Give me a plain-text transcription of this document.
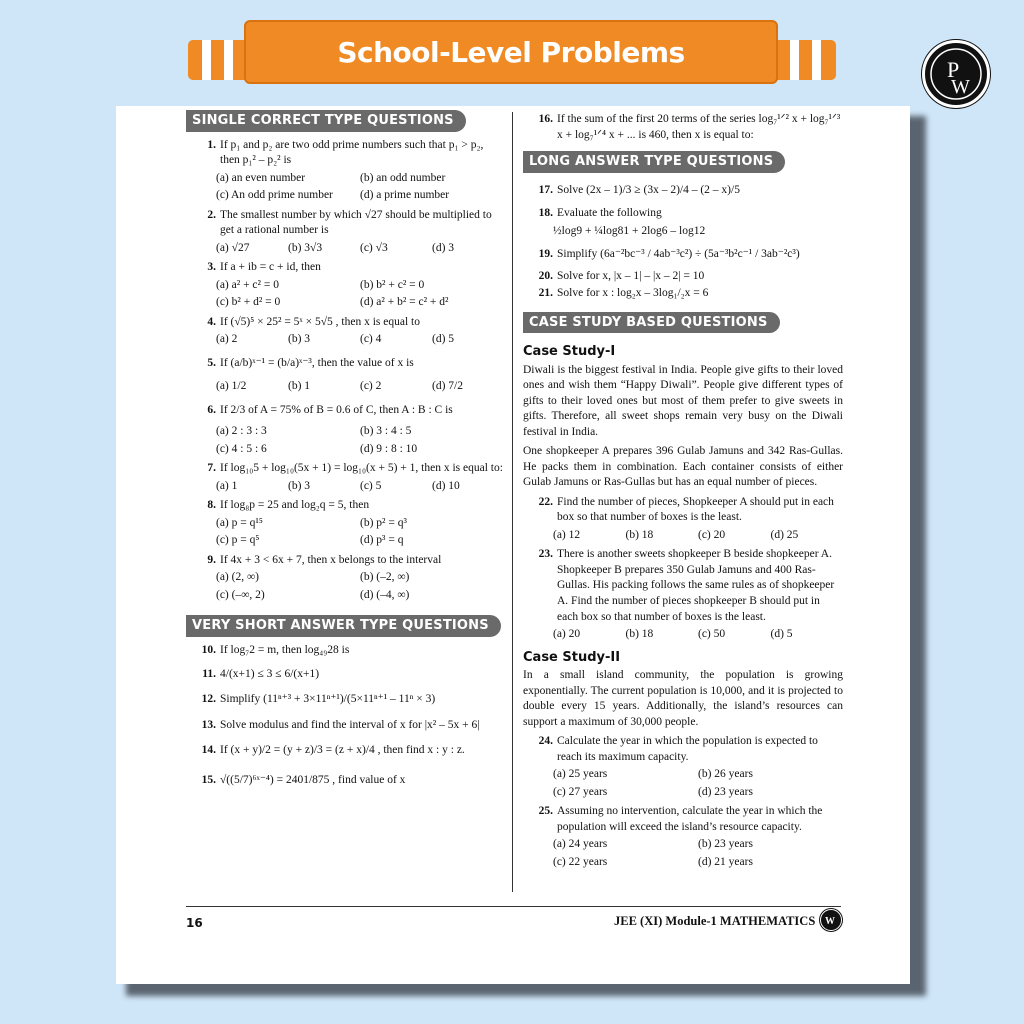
School-Level Problems
P
W
SINGLE CORRECT TYPE QUESTIONS
1. If p₁ and p₂ are two odd prime numbers such that p₁ > p₂, then p₁² – p₂² is
(a) an even number	(b) an odd number
(c) An odd prime number	(d) a prime number
2. The smallest number by which √27 should be multiplied to get a rational number is
(a) √27	(b) 3√3	(c) √3	(d) 3
3. If a + ib = c + id, then
(a) a² + c² = 0	(b) b² + c² = 0
(c) b² + d² = 0	(d) a² + b² = c² + d²
4. If (√5)⁵ × 25² = 5ˣ × 5√5 , then x is equal to
(a) 2	(b) 3	(c) 4	(d) 5
5. If (a/b)ˣ⁻¹ = (b/a)ˣ⁻³, then the value of x is
(a) 1/2	(b) 1	(c) 2	(d) 7/2
6. If 2/3 of A = 75% of B = 0.6 of C, then A : B : C is
(a) 2 : 3 : 3	(b) 3 : 4 : 5
(c) 4 : 5 : 6	(d) 9 : 8 : 10
7. If log₁₀5 + log₁₀(5x + 1) = log₁₀(x + 5) + 1, then x is equal to:
(a) 1	(b) 3	(c) 5	(d) 10
8. If log₈p = 25 and log₂q = 5, then
(a) p = q¹⁵	(b) p² = q³
(c) p = q⁵	(d) p³ = q
9. If 4x + 3 < 6x + 7, then x belongs to the interval
(a) (2, ∞)	(b) (–2, ∞)
(c) (–∞, 2)	(d) (–4, ∞)
VERY SHORT ANSWER TYPE QUESTIONS
10. If log₇2 = m, then log₄₉28 is
11. 4/(x+1) ≤ 3 ≤ 6/(x+1)
12. Simplify (11ⁿ⁺³ + 3×11ⁿ⁺¹)/(5×11ⁿ⁺¹ – 11ⁿ × 3)
13. Solve modulus and find the interval of x for |x² – 5x + 6|
14. If (x + y)/2 = (y + z)/3 = (z + x)/4 , then find x : y : z.
15. √((5/7)⁶ˣ⁻⁴) = 2401/875 , find value of x
16. If the sum of the first 20 terms of the series log₇¹ᐟ² x + log₇¹ᐟ³ x + log₇¹ᐟ⁴ x + ... is 460, then x is equal to:
LONG ANSWER TYPE QUESTIONS
17. Solve (2x – 1)/3 ≥ (3x – 2)/4 – (2 – x)/5
18. Evaluate the following
½log9 + ¼log81 + 2log6 – log12
19. Simplify (6a⁻²bc⁻³ / 4ab⁻³c²) ÷ (5a⁻³b²c⁻¹ / 3ab⁻²c³)
20. Solve for x, |x – 1| – |x – 2| = 10
21. Solve for x : log₂x – 3log₁/₂x = 6
CASE STUDY BASED QUESTIONS
Case Study-I

Diwali is the biggest festival in India. People give gifts to their loved ones and wish them “Happy Diwali”. People give different types of gifts to their loved ones but most of them prefer to give sweets in gifts. Therefore, all sweet shops remain very busy on the Diwali festival in India.

One shopkeeper A prepares 396 Gulab Jamuns and 342 Ras-Gullas. He packs them in combination. Each container consists of either Gulab Jamuns or Ras-Gullas but has an equal number of pieces.

22. Find the number of pieces, Shopkeeper A should put in each box so that number of boxes is the least.
(a) 12	(b) 18	(c) 20	(d) 25
23. There is another sweets shopkeeper B beside shopkeeper A. Shopkeeper B prepares 350 Gulab Jamuns and 400 Ras-Gullas. His packing follows the same rules as of shopkeeper A. Find the number of pieces shopkeeper B should put in each box so that number of boxes is the least.
(a) 20	(b) 18	(c) 50	(d) 5
Case Study-II

In a small island community, the population is growing exponentially. The current population is 10,000, and it is projected to double every 15 years. Additionally, the island’s resources can support a maximum of 30,000 people.

24. Calculate the year in which the population is expected to reach its maximum capacity.
(a) 25 years	(b) 26 years
(c) 27 years	(d) 23 years
25. Assuming no intervention, calculate the year in which the population will exceed the island’s resource capacity.
(a) 24 years	(b) 23 years
(c) 22 years	(d) 21 years
16	JEE (XI) Module-1 MATHEMATICS W
